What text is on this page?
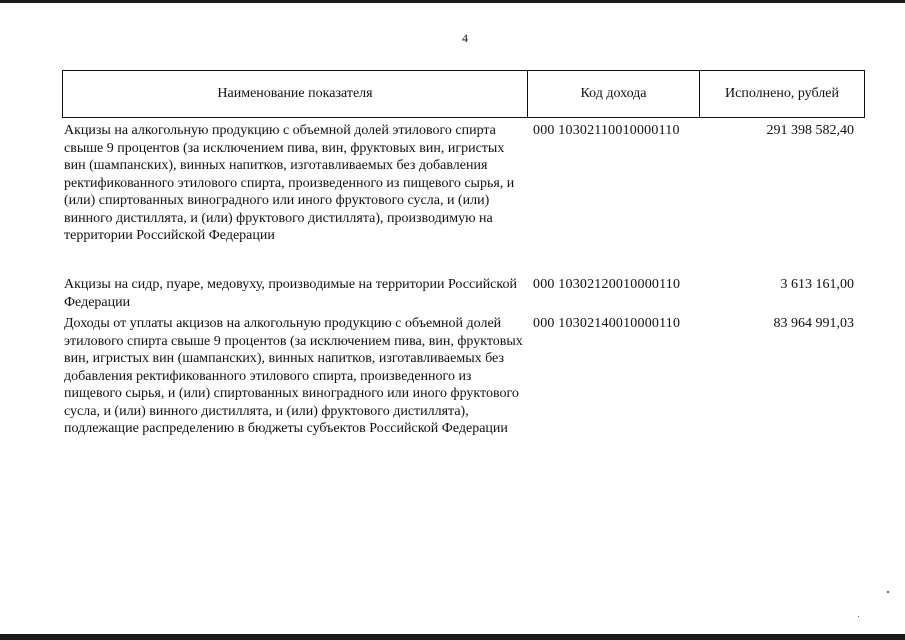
4
Наименование показателя	Код дохода	Исполнено, рублей
Акцизы на алкогольную продукцию с объемной долей этилового спирта свыше 9 процентов (за исключением пива, вин, фруктовых вин, игристых вин (шампанских), винных напитков, изготавливаемых без добавления ректификованного этилового спирта, произведенного из пищевого сырья, и (или) спиртованных виноградного или иного фруктового сусла, и (или) винного дистиллята, и (или) фруктового дистиллята), производимую на территории Российской Федерации
000 10302110010000110	291 398 582,40
Акцизы на сидр, пуаре, медовуху, производимые на территории Российской Федерации
000 10302120010000110	3 613 161,00
Доходы от уплаты акцизов на алкогольную продукцию с объемной долей этилового спирта свыше 9 процентов (за исключением пива, вин, фруктовых вин, игристых вин (шампанских), винных напитков, изготавливаемых без добавления ректификованного этилового спирта, произведенного из пищевого сырья, и (или) спиртованных виноградного или иного фруктового сусла, и (или) винного дистиллята, и (или) фруктового дистиллята), подлежащие распределению в бюджеты субъектов Российской Федерации
000 10302140010000110	83 964 991,03
